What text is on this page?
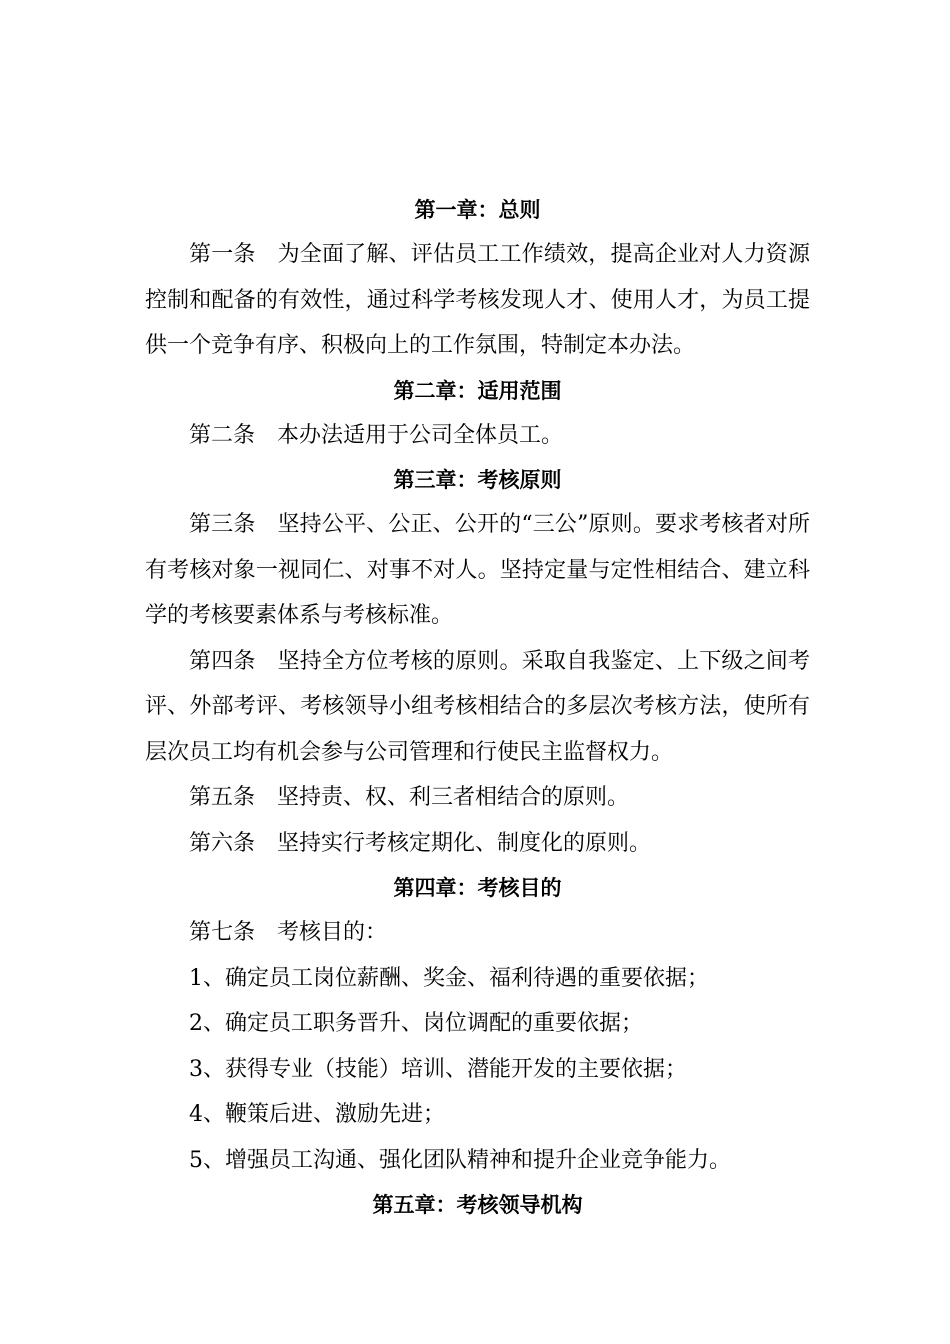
第一章：总则

第一条 为全面了解、评估员工工作绩效，提高企业对人力资源控制和配备的有效性，通过科学考核发现人才、使用人才，为员工提供一个竞争有序、积极向上的工作氛围，特制定本办法。

第二章：适用范围

第二条 本办法适用于公司全体员工。

第三章：考核原则

第三条 坚持公平、公正、公开的“三公”原则。要求考核者对所有考核对象一视同仁、对事不对人。坚持定量与定性相结合、建立科学的考核要素体系与考核标准。

第四条 坚持全方位考核的原则。采取自我鉴定、上下级之间考评、外部考评、考核领导小组考核相结合的多层次考核方法，使所有层次员工均有机会参与公司管理和行使民主监督权力。

第五条 坚持责、权、利三者相结合的原则。

第六条 坚持实行考核定期化、制度化的原则。

第四章：考核目的

第七条 考核目的：

1、确定员工岗位薪酬、奖金、福利待遇的重要依据；

2、确定员工职务晋升、岗位调配的重要依据；

3、获得专业（技能）培训、潜能开发的主要依据；

4、鞭策后进、激励先进；

5、增强员工沟通、强化团队精神和提升企业竞争能力。

第五章：考核领导机构
